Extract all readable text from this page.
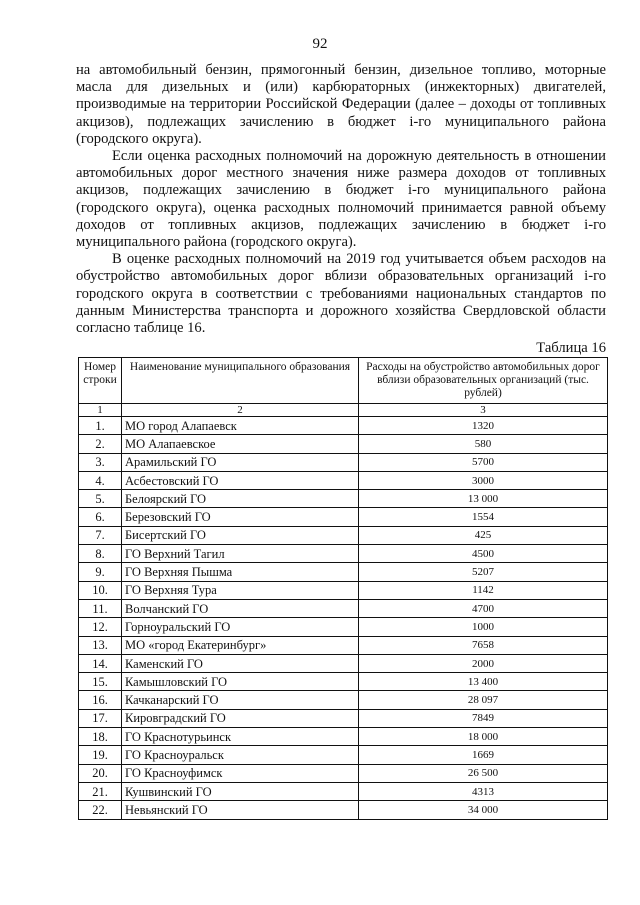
92

на автомобильный бензин, прямогонный бензин, дизельное топливо, моторные масла для дизельных и (или) карбюраторных (инжекторных) двигателей, производимые на территории Российской Федерации (далее – доходы от топливных акцизов), подлежащих зачислению в бюджет i-го муниципального района (городского округа).

Если оценка расходных полномочий на дорожную деятельность в отношении автомобильных дорог местного значения ниже размера доходов от топливных акцизов, подлежащих зачислению в бюджет i-го муниципального района (городского округа), оценка расходных полномочий принимается равной объему доходов от топливных акцизов, подлежащих зачислению в бюджет i-го муниципального района (городского округа).

В оценке расходных полномочий на 2019 год учитывается объем расходов на обустройство автомобильных дорог вблизи образовательных организаций i-го городского округа в соответствии с требованиями национальных стандартов по данным Министерства транспорта и дорожного хозяйства Свердловской области согласно таблице 16.

Таблица 16
Номер строки	Наименование муниципального образования	Расходы на обустройство автомобильных дорог вблизи образовательных организаций (тыс. рублей)
1	2	3
1.	МО город Алапаевск	1320
2.	МО Алапаевское	580
3.	Арамильский ГО	5700
4.	Асбестовский ГО	3000
5.	Белоярский ГО	13 000
6.	Березовский ГО	1554
7.	Бисертский ГО	425
8.	ГО Верхний Тагил	4500
9.	ГО Верхняя Пышма	5207
10.	ГО Верхняя Тура	1142
11.	Волчанский ГО	4700
12.	Горноуральский ГО	1000
13.	МО «город Екатеринбург»	7658
14.	Каменский ГО	2000
15.	Камышловский ГО	13 400
16.	Качканарский ГО	28 097
17.	Кировградский ГО	7849
18.	ГО Краснотурьинск	18 000
19.	ГО Красноуральск	1669
20.	ГО Красноуфимск	26 500
21.	Кушвинский ГО	4313
22.	Невьянский ГО	34 000
